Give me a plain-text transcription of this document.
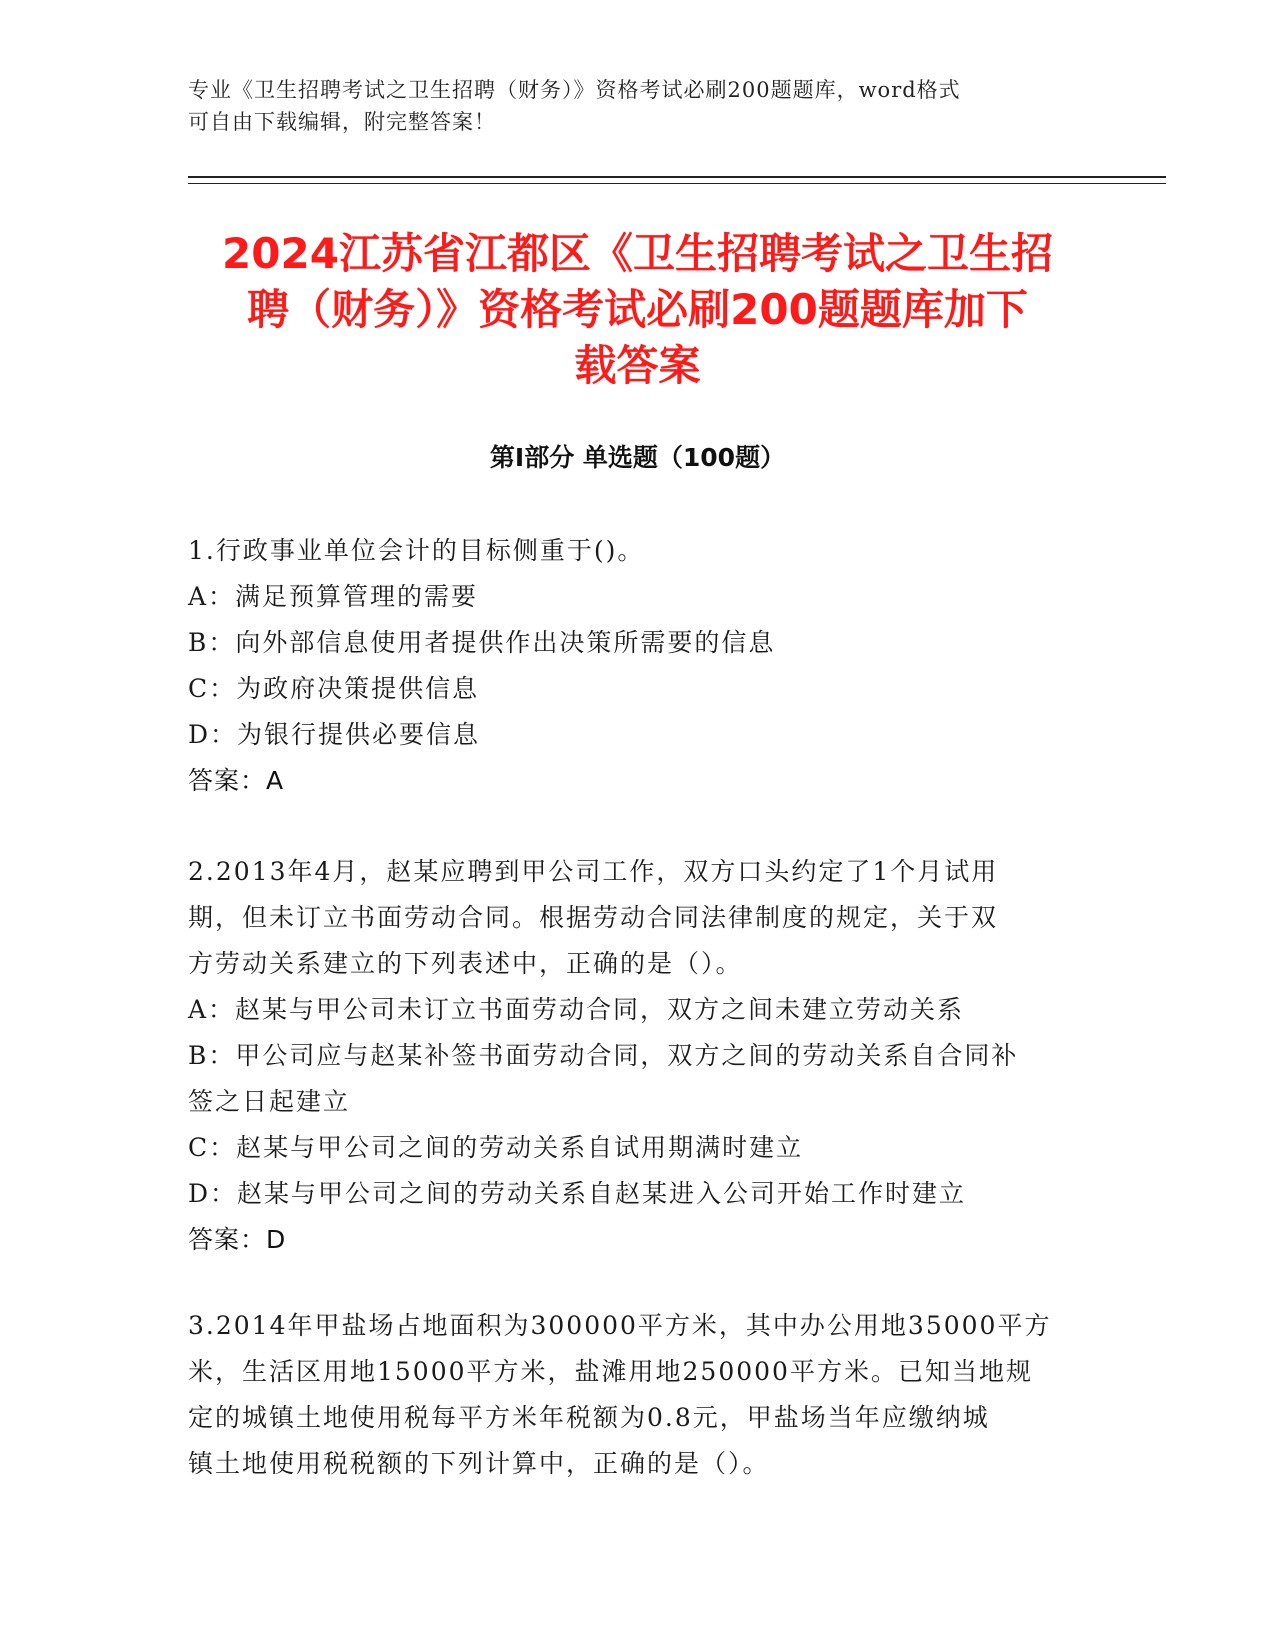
专业《卫生招聘考试之卫生招聘（财务）》资格考试必刷200题题库，word格式
可自由下载编辑，附完整答案！
2024江苏省江都区《卫生招聘考试之卫生招
聘（财务）》资格考试必刷200题题库加下
载答案
第I部分 单选题（100题）
1.行政事业单位会计的目标侧重于()。
A：满足预算管理的需要
B：向外部信息使用者提供作出决策所需要的信息
C：为政府决策提供信息
D：为银行提供必要信息
答案：A
2.2013年4月，赵某应聘到甲公司工作，双方口头约定了1个月试用
期，但未订立书面劳动合同。根据劳动合同法律制度的规定，关于双
方劳动关系建立的下列表述中，正确的是（）。
A：赵某与甲公司未订立书面劳动合同，双方之间未建立劳动关系
B：甲公司应与赵某补签书面劳动合同，双方之间的劳动关系自合同补
签之日起建立
C：赵某与甲公司之间的劳动关系自试用期满时建立
D：赵某与甲公司之间的劳动关系自赵某进入公司开始工作时建立
答案：D
3.2014年甲盐场占地面积为300000平方米，其中办公用地35000平方
米，生活区用地15000平方米，盐滩用地250000平方米。已知当地规
定的城镇土地使用税每平方米年税额为0.8元，甲盐场当年应缴纳城
镇土地使用税税额的下列计算中，正确的是（）。
